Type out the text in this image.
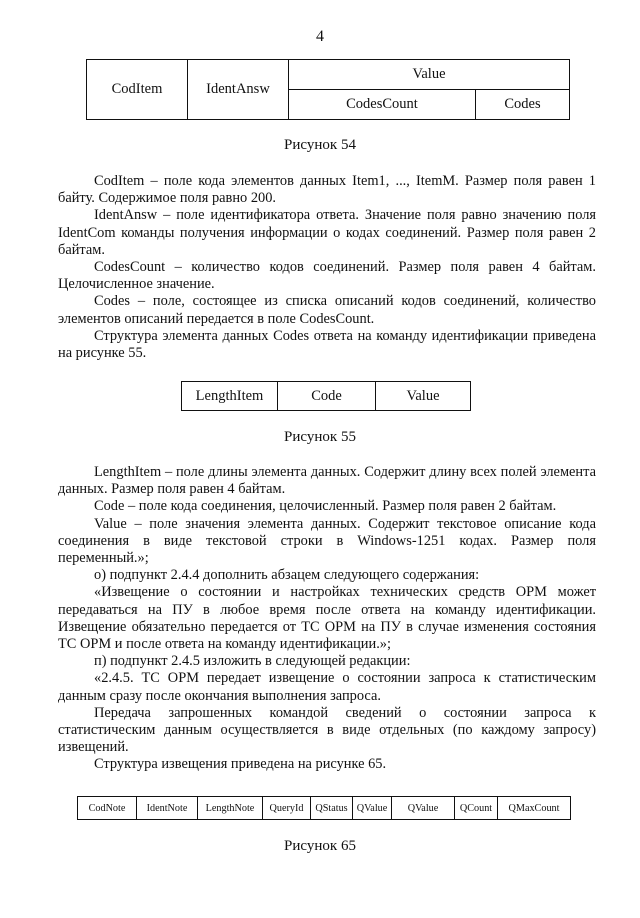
4
CodItem	IdentAnsw	Value	
		CodesCount	Codes
Рисунок 54
CodItem – поле кода элементов данных Item1, ..., ItemM. Размер поля равен 1 байту. Содержимое поля равно 200.
IdentAnsw – поле идентификатора ответа. Значение поля равно значению поля IdentCom команды получения информации о кодах соединений. Размер поля равен 2 байтам.
CodesCount – количество кодов соединений. Размер поля равен 4 байтам. Целочисленное значение.
Codes – поле, состоящее из списка описаний кодов соединений, количество элементов описаний передается в поле CodesCount.
Структура элемента данных Codes ответа на команду идентификации приведена на рисунке 55.
LengthItem	Code	Value
Рисунок 55
LengthItem – поле длины элемента данных. Содержит длину всех полей элемента данных. Размер поля равен 4 байтам.
Code – поле кода соединения, целочисленный. Размер поля равен 2 байтам.
Value – поле значения элемента данных. Содержит текстовое описание кода соединения в виде текстовой строки в Windows-1251 кодах. Размер поля переменный.»;
о) подпункт 2.4.4 дополнить абзацем следующего содержания:
«Извещение о состоянии и настройках технических средств ОРМ может передаваться на ПУ в любое время после ответа на команду идентификации. Извещение обязательно передается от ТС ОРМ на ПУ в случае изменения состояния ТС ОРМ и после ответа на команду идентификации.»;
п) подпункт 2.4.5 изложить в следующей редакции:
«2.4.5. ТС ОРМ передает извещение о состоянии запроса к статистическим данным сразу после окончания выполнения запроса.
Передача запрошенных командой сведений о состоянии запроса к статистическим данным осуществляется в виде отдельных (по каждому запросу) извещений.
Структура извещения приведена на рисунке 65.
CodNote	IdentNote	LengthNote	QueryId	QStatus	QValue	QValue	QCount	QMaxCount
Рисунок 65
